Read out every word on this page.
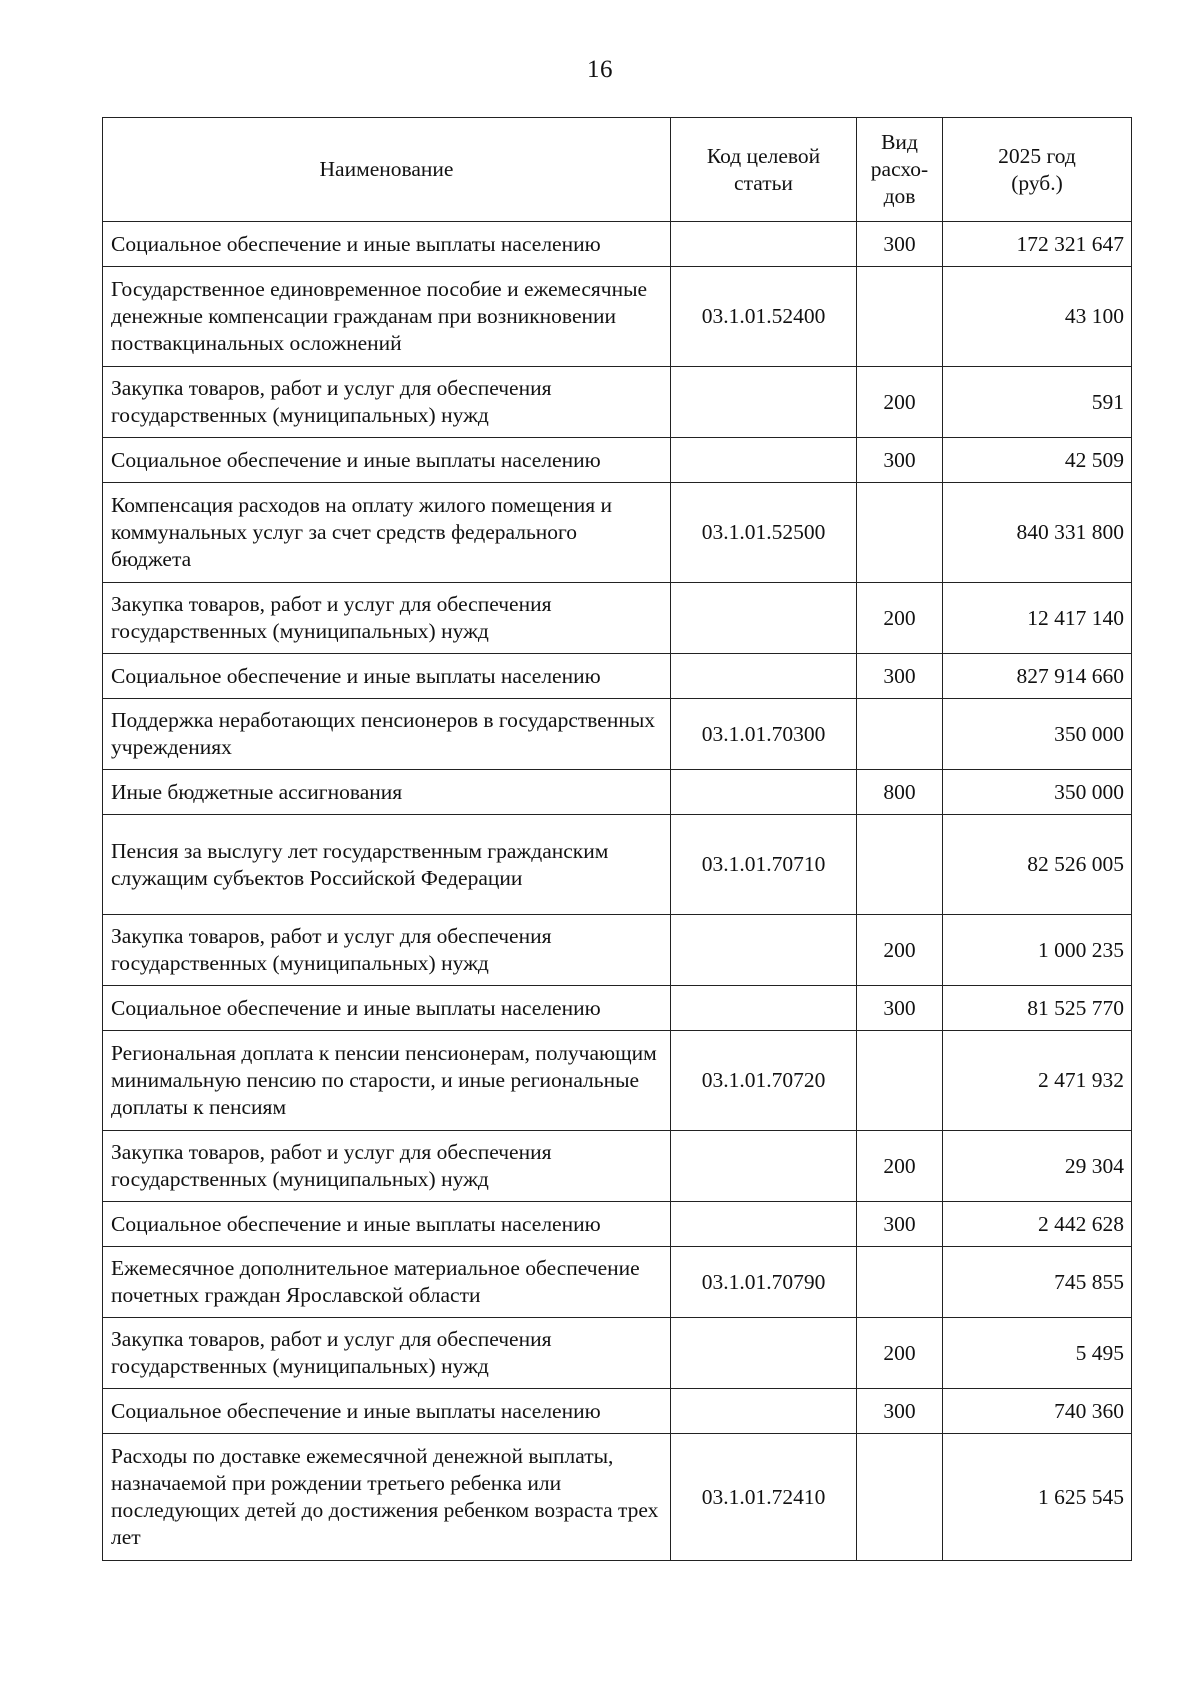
16
Наименование	Код целевой статьи	Вид расхо- дов	2025 год (руб.)
Социальное обеспечение и иные выплаты населению		300	172 321 647
Государственное единовременное пособие и ежемесячные денежные компенсации гражданам при возникновении поствакцинальных осложнений	03.1.01.52400		43 100
Закупка товаров, работ и услуг для обеспечения государственных (муниципальных) нужд		200	591
Социальное обеспечение и иные выплаты населению		300	42 509
Компенсация расходов на оплату жилого помещения и коммунальных услуг за счет средств федерального бюджета	03.1.01.52500		840 331 800
Закупка товаров, работ и услуг для обеспечения государственных (муниципальных) нужд		200	12 417 140
Социальное обеспечение и иные выплаты населению		300	827 914 660
Поддержка неработающих пенсионеров в государственных учреждениях	03.1.01.70300		350 000
Иные бюджетные ассигнования		800	350 000
Пенсия за выслугу лет государственным гражданским служащим субъектов Российской Федерации	03.1.01.70710		82 526 005
Закупка товаров, работ и услуг для обеспечения государственных (муниципальных) нужд		200	1 000 235
Социальное обеспечение и иные выплаты населению		300	81 525 770
Региональная доплата к пенсии пенсионерам, получающим минимальную пенсию по старости, и иные региональные доплаты к пенсиям	03.1.01.70720		2 471 932
Закупка товаров, работ и услуг для обеспечения государственных (муниципальных) нужд		200	29 304
Социальное обеспечение и иные выплаты населению		300	2 442 628
Ежемесячное дополнительное материальное обеспечение почетных граждан Ярославской области	03.1.01.70790		745 855
Закупка товаров, работ и услуг для обеспечения государственных (муниципальных) нужд		200	5 495
Социальное обеспечение и иные выплаты населению		300	740 360
Расходы по доставке ежемесячной денежной выплаты, назначаемой при рождении третьего ребенка или последующих детей до достижения ребенком возраста трех лет	03.1.01.72410		1 625 545
